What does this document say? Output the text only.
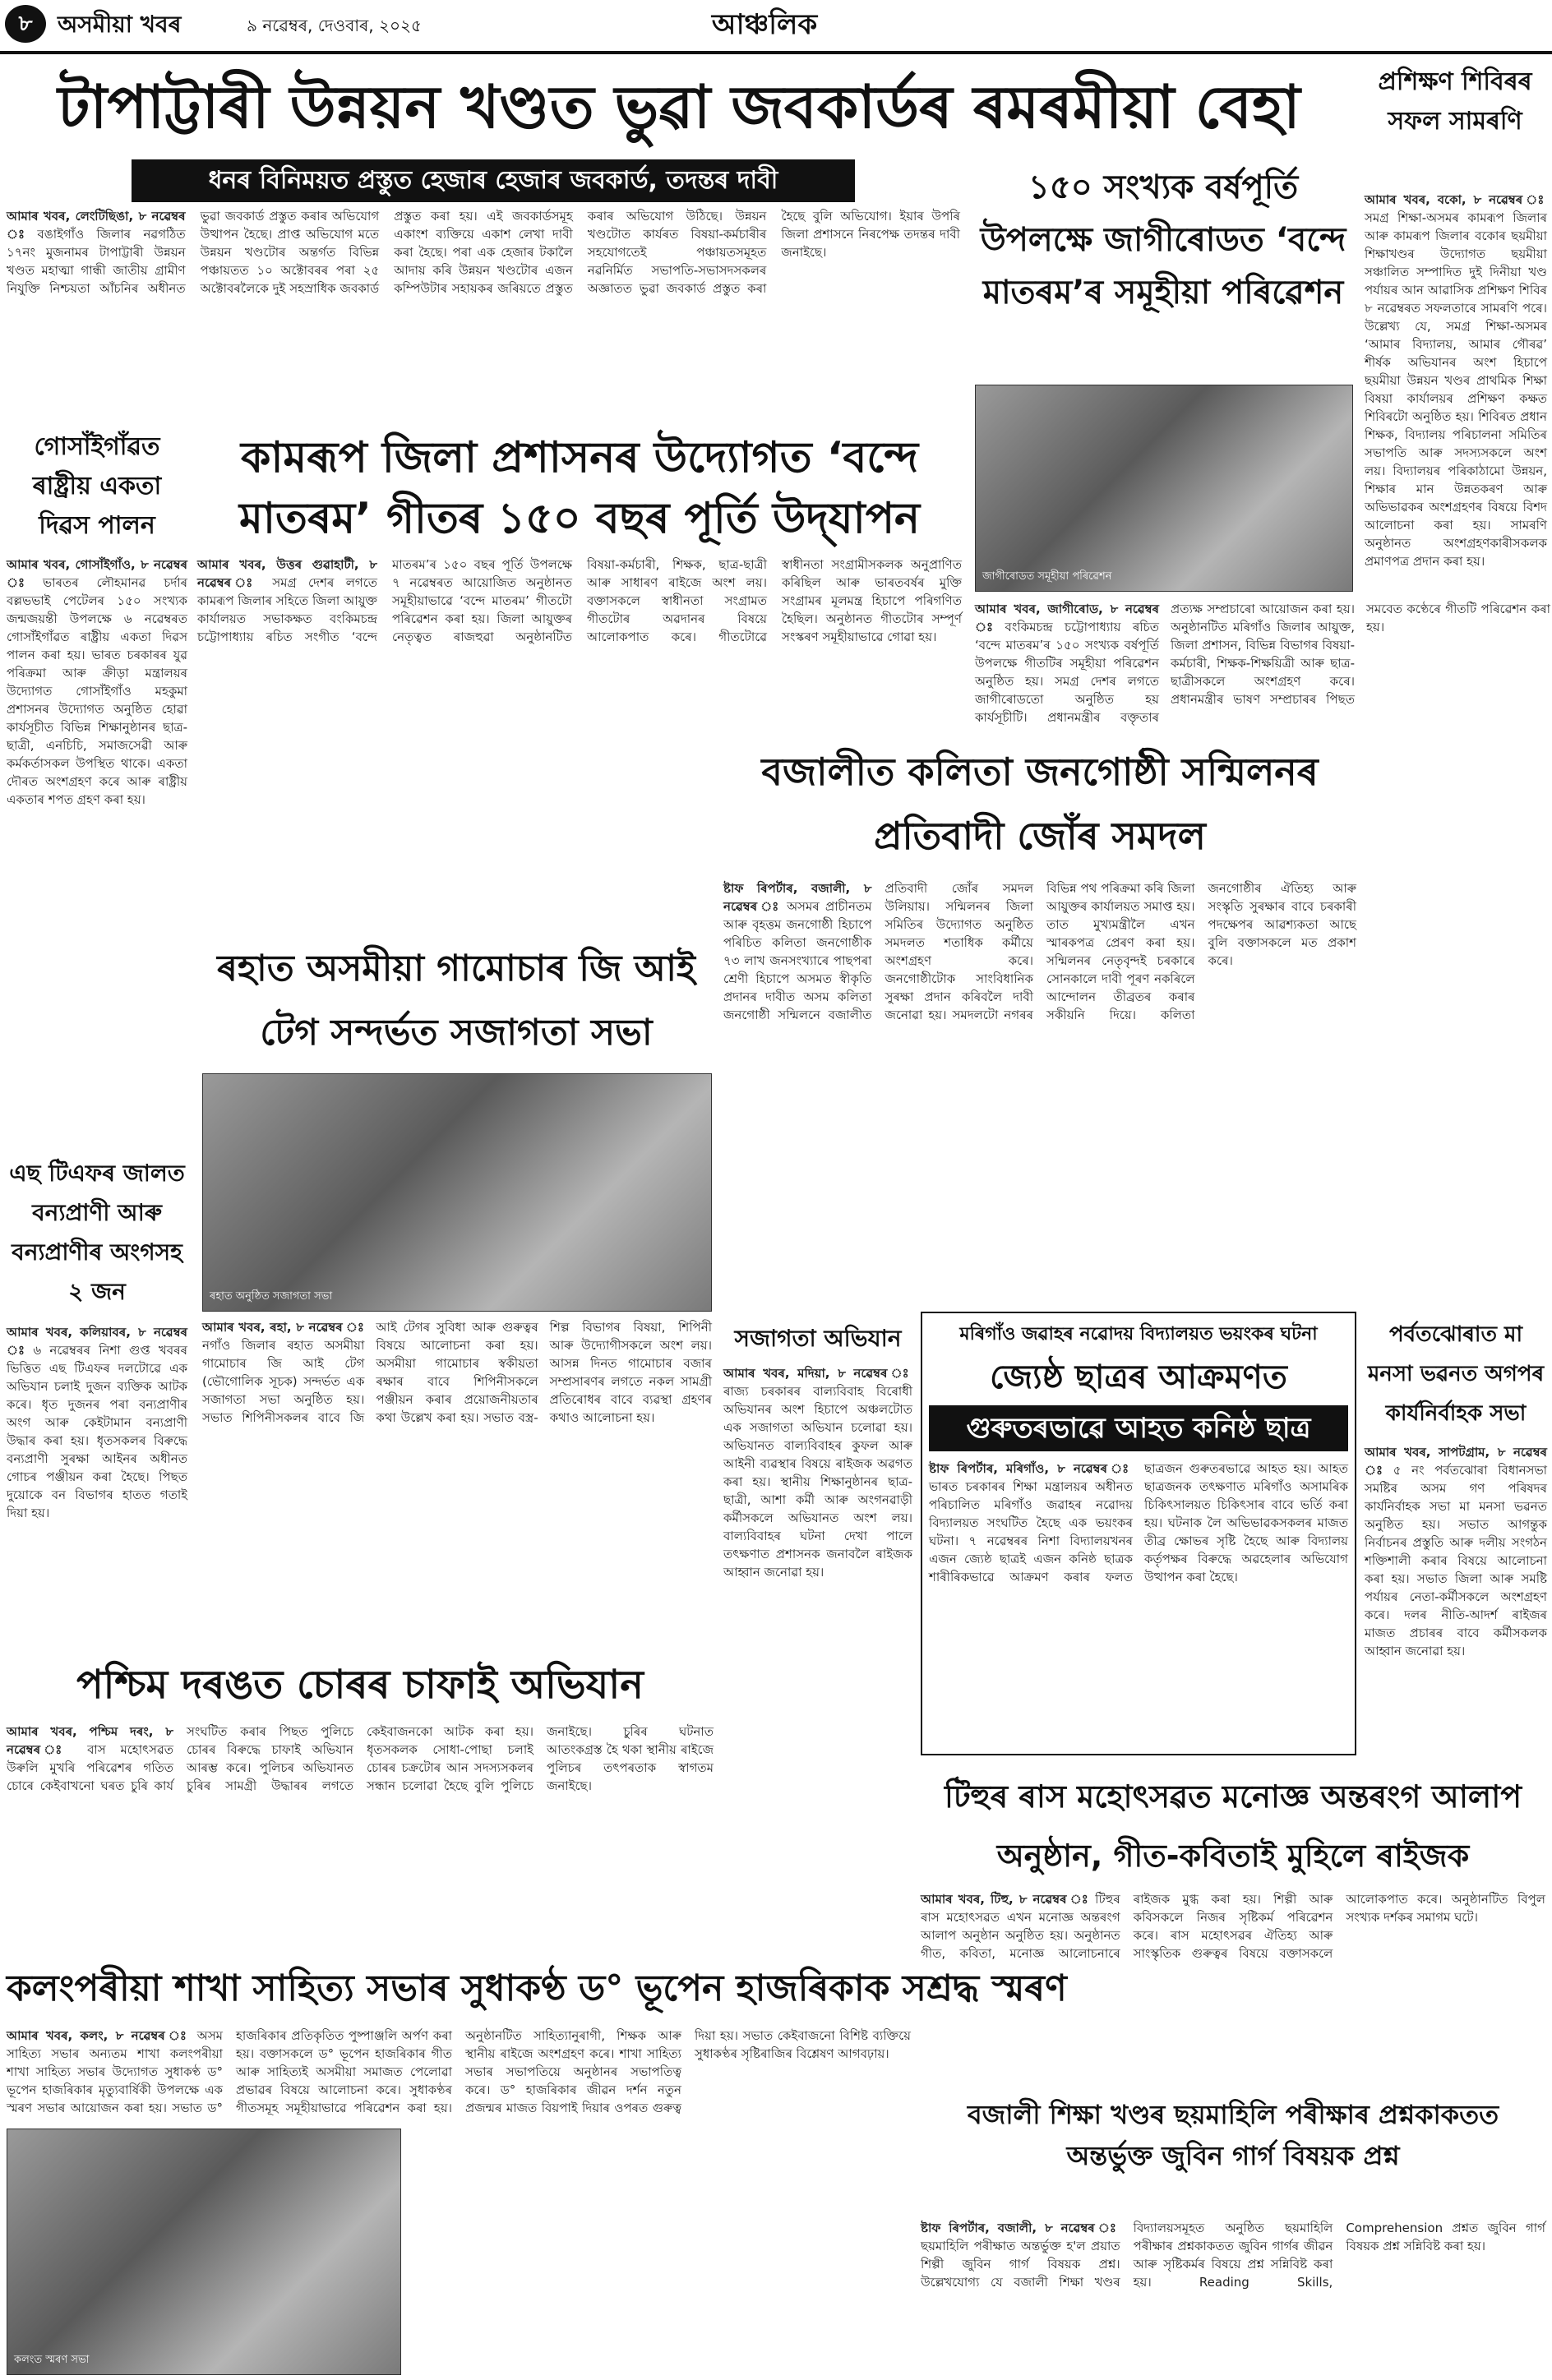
৮	অসমীয়া খবৰ	৯ নৱেম্বৰ, দেওবাৰ, ২০২৫	আঞ্চলিক
টাপাট্টাৰী উন্নয়ন খণ্ডত ভুৱা জবকাৰ্ডৰ ৰমৰমীয়া বেহা	প্ৰশিক্ষণ শিবিৰৰ সফল সামৰণি
ধনৰ বিনিময়ত প্ৰস্তুত হেজাৰ হেজাৰ জবকাৰ্ড, তদন্তৰ দাবী
আমাৰ খবৰ, লেংটিছিঙা, ৮ নৱেম্বৰ ঃ বঙাইগাঁও জিলাৰ নৱগঠিত ১৭নং মুজনামৰ টাপাট্টাৰী উন্নয়ন খণ্ডত মহাত্মা গান্ধী জাতীয় গ্ৰামীণ নিযুক্তি নিশ্চয়তা আঁচনিৰ অধীনত ভুৱা জবকাৰ্ড প্ৰস্তুত কৰাৰ অভিযোগ উত্থাপন হৈছে। প্ৰাপ্ত অভিযোগ মতে উন্নয়ন খণ্ডটোৰ অন্তৰ্গত বিভিন্ন পঞ্চায়তত ১০ অক্টোবৰৰ পৰা ২৫ অক্টোবৰলৈকে দুই সহস্ৰাধিক জবকাৰ্ড প্ৰস্তুত কৰা হয়। এই জবকাৰ্ডসমূহ একাংশ ব্যক্তিয়ে একাশ লেখা দাবী কৰা হৈছে। পৰা এক হেজাৰ টকালৈ আদায় কৰি উন্নয়ন খণ্ডটোৰ এজন কম্পিউটাৰ সহায়কৰ জৰিয়তে প্ৰস্তুত কৰাৰ অভিযোগ উঠিছে। উন্নয়ন খণ্ডটোত কাৰ্যৰত বিষয়া-কৰ্মচাৰীৰ সহযোগতেই পঞ্চায়তসমূহত নৱনিৰ্মিত সভাপতি-সভাসদসকলৰ অজ্ঞাতত ভুৱা জবকাৰ্ড প্ৰস্তুত কৰা হৈছে বুলি অভিযোগ। ইয়াৰ উপৰি জিলা প্ৰশাসনে নিৰপেক্ষ তদন্তৰ দাবী জনাইছে।
১৫০ সংখ্যক বৰ্ষপূৰ্তি উপলক্ষে জাগীৰোডত ‘বন্দে মাতৰম’ৰ সমূহীয়া পৰিৱেশন
জাগীৰোডত সমূহীয়া পৰিৱেশন
আমাৰ খবৰ, জাগীৰোড, ৮ নৱেম্বৰ ঃ বংকিমচন্দ্ৰ চট্টোপাধ্যায় ৰচিত ‘বন্দে মাতৰম’ৰ ১৫০ সংখ্যক বৰ্ষপূৰ্তি উপলক্ষে গীতটিৰ সমূহীয়া পৰিৱেশন অনুষ্ঠিত হয়। সমগ্ৰ দেশৰ লগতে জাগীৰোডতো অনুষ্ঠিত হয় কাৰ্যসূচীটি। প্ৰধানমন্ত্ৰীৰ বক্তৃতাৰ প্ৰত্যক্ষ সম্প্ৰচাৰো আয়োজন কৰা হয়। অনুষ্ঠানটিত মৰিগাঁও জিলাৰ আয়ুক্ত, জিলা প্ৰশাসন, বিভিন্ন বিভাগৰ বিষয়া-কৰ্মচাৰী, শিক্ষক-শিক্ষয়িত্ৰী আৰু ছাত্ৰ-ছাত্ৰীসকলে অংশগ্ৰহণ কৰে। প্ৰধানমন্ত্ৰীৰ ভাষণ সম্প্ৰচাৰৰ পিছত সমবেত কণ্ঠেৰে গীতটি পৰিৱেশন কৰা হয়।
আমাৰ খবৰ, বকো, ৮ নৱেম্বৰ ঃ সমগ্ৰ শিক্ষা-অসমৰ কামৰূপ জিলাৰ আৰু কামৰূপ জিলাৰ বকোৰ ছয়মীয়া শিক্ষাখণ্ডৰ উদ্যোগত ছয়মীয়া সঞ্চালিত সম্পাদিত দুই দিনীয়া খণ্ড পৰ্যায়ৰ আন আৱাসিক প্ৰশিক্ষণ শিবিৰ ৮ নৱেম্বৰত সফলতাৰে সামৰণি পৰে। উল্লেখ্য যে, সমগ্ৰ শিক্ষা-অসমৰ ‘আমাৰ বিদ্যালয়, আমাৰ গৌৰৱ’ শীৰ্ষক অভিযানৰ অংশ হিচাপে ছয়মীয়া উন্নয়ন খণ্ডৰ প্ৰাথমিক শিক্ষা বিষয়া কাৰ্যালয়ৰ প্ৰশিক্ষণ কক্ষত শিবিৰটো অনুষ্ঠিত হয়। শিবিৰত প্ৰধান শিক্ষক, বিদ্যালয় পৰিচালনা সমিতিৰ সভাপতি আৰু সদস্যসকলে অংশ লয়। বিদ্যালয়ৰ পৰিকাঠামো উন্নয়ন, শিক্ষাৰ মান উন্নতকৰণ আৰু অভিভাৱকৰ অংশগ্ৰহণৰ বিষয়ে বিশদ আলোচনা কৰা হয়। সামৰণি অনুষ্ঠানত অংশগ্ৰহণকাৰীসকলক প্ৰমাণপত্ৰ প্ৰদান কৰা হয়।
গোসাঁইগাঁৱত ৰাষ্ট্ৰীয় একতা দিৱস পালন
আমাৰ খবৰ, গোসাঁইগাঁও, ৮ নৱেম্বৰ ঃ ভাৰতৰ লৌহমানৱ চৰ্দাৰ বল্লভভাই পেটেলৰ ১৫০ সংখ্যক জন্মজয়ন্তী উপলক্ষে ৬ নৱেম্বৰত গোসাঁইগাঁৱত ৰাষ্ট্ৰীয় একতা দিৱস পালন কৰা হয়। ভাৰত চৰকাৰৰ যুৱ পৰিক্ৰমা আৰু ক্ৰীড়া মন্ত্ৰালয়ৰ উদ্যোগত গোসাঁইগাঁও মহকুমা প্ৰশাসনৰ উদ্যোগত অনুষ্ঠিত হোৱা কাৰ্যসূচীত বিভিন্ন শিক্ষানুষ্ঠানৰ ছাত্ৰ-ছাত্ৰী, এনচিচি, সমাজসেৱী আৰু কৰ্মকৰ্তাসকল উপস্থিত থাকে। একতা দৌৰত অংশগ্ৰহণ কৰে আৰু ৰাষ্ট্ৰীয় একতাৰ শপত গ্ৰহণ কৰা হয়।
কামৰূপ জিলা প্ৰশাসনৰ উদ্যোগত ‘বন্দে মাতৰম’ গীতৰ ১৫০ বছৰ পূৰ্তি উদ্‌যাপন
আমাৰ খবৰ, উত্তৰ গুৱাহাটী, ৮ নৱেম্বৰ ঃ সমগ্ৰ দেশৰ লগতে কামৰূপ জিলাৰ সহিতে জিলা আয়ুক্ত কাৰ্যালয়ত সভাকক্ষত বংকিমচন্দ্ৰ চট্টোপাধ্যায় ৰচিত সংগীত ‘বন্দে মাতৰম’ৰ ১৫০ বছৰ পূৰ্তি উপলক্ষে ৭ নৱেম্বৰত আয়োজিত অনুষ্ঠানত সমূহীয়াভাৱে ‘বন্দে মাতৰম’ গীতটো পৰিৱেশন কৰা হয়। জিলা আয়ুক্তৰ নেতৃত্বত ৰাজহুৱা অনুষ্ঠানটিত বিষয়া-কৰ্মচাৰী, শিক্ষক, ছাত্ৰ-ছাত্ৰী আৰু সাধাৰণ ৰাইজে অংশ লয়। বক্তাসকলে স্বাধীনতা সংগ্ৰামত গীতটোৰ অৱদানৰ বিষয়ে আলোকপাত কৰে। গীতটোৱে স্বাধীনতা সংগ্ৰামীসকলক অনুপ্ৰাণিত কৰিছিল আৰু ভাৰতবৰ্ষৰ মুক্তি সংগ্ৰামৰ মূলমন্ত্ৰ হিচাপে পৰিগণিত হৈছিল। অনুষ্ঠানত গীতটোৰ সম্পূৰ্ণ সংস্কৰণ সমূহীয়াভাৱে গোৱা হয়।
বজালীত কলিতা জনগোষ্ঠী সন্মিলনৰ প্ৰতিবাদী জোঁৰ সমদল
ষ্টাফ ৰিপৰ্টাৰ, বজালী, ৮ নৱেম্বৰ ঃ অসমৰ প্ৰাচীনতম আৰু বৃহত্তম জনগোষ্ঠী হিচাপে পৰিচিত কলিতা জনগোষ্ঠীক ৭৩ লাখ জনসংখ্যাৰে পাছপৰা শ্ৰেণী হিচাপে অসমত স্বীকৃতি প্ৰদানৰ দাবীত অসম কলিতা জনগোষ্ঠী সন্মিলনে বজালীত প্ৰতিবাদী জোঁৰ সমদল উলিয়ায়। সন্মিলনৰ জিলা সমিতিৰ উদ্যোগত অনুষ্ঠিত সমদলত শতাধিক কৰ্মীয়ে অংশগ্ৰহণ কৰে। জনগোষ্ঠীটোক সাংবিধানিক সুৰক্ষা প্ৰদান কৰিবলৈ দাবী জনোৱা হয়। সমদলটো নগৰৰ বিভিন্ন পথ পৰিক্ৰমা কৰি জিলা আয়ুক্তৰ কাৰ্যালয়ত সমাপ্ত হয়। তাত মুখ্যমন্ত্ৰীলৈ এখন স্মাৰকপত্ৰ প্ৰেৰণ কৰা হয়। সন্মিলনৰ নেতৃবৃন্দই চৰকাৰে সোনকালে দাবী পূৰণ নকৰিলে আন্দোলন তীব্ৰতৰ কৰাৰ সকীয়নি দিয়ে। কলিতা জনগোষ্ঠীৰ ঐতিহ্য আৰু সংস্কৃতি সুৰক্ষাৰ বাবে চৰকাৰী পদক্ষেপৰ আৱশ্যকতা আছে বুলি বক্তাসকলে মত প্ৰকাশ কৰে।
ৰহাত অসমীয়া গামোচাৰ জি আই টেগ সন্দৰ্ভত সজাগতা সভা
ৰহাত অনুষ্ঠিত সজাগতা সভা
আমাৰ খবৰ, ৰহা, ৮ নৱেম্বৰ ঃ নগাঁও জিলাৰ ৰহাত অসমীয়া গামোচাৰ জি আই টেগ (ভৌগোলিক সূচক) সন্দৰ্ভত এক সজাগতা সভা অনুষ্ঠিত হয়। সভাত শিপিনীসকলৰ বাবে জি আই টেগৰ সুবিধা আৰু গুৰুত্বৰ বিষয়ে আলোচনা কৰা হয়। অসমীয়া গামোচাৰ স্বকীয়তা ৰক্ষাৰ বাবে শিপিনীসকলে পঞ্জীয়ন কৰাৰ প্ৰয়োজনীয়তাৰ কথা উল্লেখ কৰা হয়। সভাত বস্ত্ৰ-শিল্প বিভাগৰ বিষয়া, শিপিনী আৰু উদ্যোগীসকলে অংশ লয়। আসন্ন দিনত গামোচাৰ বজাৰ সম্প্ৰসাৰণৰ লগতে নকল সামগ্ৰী প্ৰতিৰোধৰ বাবে ব্যৱস্থা গ্ৰহণৰ কথাও আলোচনা হয়।
এছ টিএফৰ জালত বন্যপ্ৰাণী আৰু বন্যপ্ৰাণীৰ অংগসহ ২ জন
আমাৰ খবৰ, কলিয়াবৰ, ৮ নৱেম্বৰ ঃ ৬ নৱেম্বৰৰ নিশা গুপ্ত খবৰৰ ভিত্তিত এছ টিএফৰ দলটোৱে এক অভিযান চলাই দুজন ব্যক্তিক আটক কৰে। ধৃত দুজনৰ পৰা বন্যপ্ৰাণীৰ অংগ আৰু কেইটামান বন্যপ্ৰাণী উদ্ধাৰ কৰা হয়। ধৃতসকলৰ বিৰুদ্ধে বন্যপ্ৰাণী সুৰক্ষা আইনৰ অধীনত গোচৰ পঞ্জীয়ন কৰা হৈছে। পিছত দুয়োকে বন বিভাগৰ হাতত গতাই দিয়া হয়।
সজাগতা অভিযান
আমাৰ খবৰ, মদিয়া, ৮ নৱেম্বৰ ঃ ৰাজ্য চৰকাৰৰ বাল্যবিবাহ বিৰোধী অভিযানৰ অংশ হিচাপে অঞ্চলটোত এক সজাগতা অভিযান চলোৱা হয়। অভিযানত বাল্যবিবাহৰ কুফল আৰু আইনী ব্যৱস্থাৰ বিষয়ে ৰাইজক অৱগত কৰা হয়। স্থানীয় শিক্ষানুষ্ঠানৰ ছাত্ৰ-ছাত্ৰী, আশা কৰ্মী আৰু অংগনৱাড়ী কৰ্মীসকলে অভিযানত অংশ লয়। বাল্যবিবাহৰ ঘটনা দেখা পালে তৎক্ষণাত প্ৰশাসনক জনাবলৈ ৰাইজক আহ্বান জনোৱা হয়।
মৰিগাঁও জৱাহৰ নৱোদয় বিদ্যালয়ত ভয়ংকৰ ঘটনা
জ্যেষ্ঠ ছাত্ৰৰ আক্ৰমণত
গুৰুতৰভাৱে আহত কনিষ্ঠ ছাত্ৰ
ষ্টাফ ৰিপৰ্টাৰ, মৰিগাঁও, ৮ নৱেম্বৰ ঃ ভাৰত চৰকাৰৰ শিক্ষা মন্ত্ৰালয়ৰ অধীনত পৰিচালিত মৰিগাঁও জৱাহৰ নৱোদয় বিদ্যালয়ত সংঘটিত হৈছে এক ভয়ংকৰ ঘটনা। ৭ নৱেম্বৰৰ নিশা বিদ্যালয়খনৰ এজন জ্যেষ্ঠ ছাত্ৰই এজন কনিষ্ঠ ছাত্ৰক শাৰীৰিকভাৱে আক্ৰমণ কৰাৰ ফলত ছাত্ৰজন গুৰুতৰভাৱে আহত হয়। আহত ছাত্ৰজনক তৎক্ষণাত মৰিগাঁও অসামৰিক চিকিৎসালয়ত চিকিৎসাৰ বাবে ভৰ্তি কৰা হয়। ঘটনাক লৈ অভিভাৱকসকলৰ মাজত তীব্ৰ ক্ষোভৰ সৃষ্টি হৈছে আৰু বিদ্যালয় কৰ্তৃপক্ষৰ বিৰুদ্ধে অৱহেলাৰ অভিযোগ উত্থাপন কৰা হৈছে।
পৰ্বতঝোৰাত মা মনসা ভৱনত অগপৰ কাৰ্যনিৰ্বাহক সভা
আমাৰ খবৰ, সাপটগ্ৰাম, ৮ নৱেম্বৰ ঃ ৫ নং পৰ্বতঝোৰা বিধানসভা সমষ্টিৰ অসম গণ পৰিষদৰ কাৰ্যনিৰ্বাহক সভা মা মনসা ভৱনত অনুষ্ঠিত হয়। সভাত আগন্তুক নিৰ্বাচনৰ প্ৰস্তুতি আৰু দলীয় সংগঠন শক্তিশালী কৰাৰ বিষয়ে আলোচনা কৰা হয়। সভাত জিলা আৰু সমষ্টি পৰ্যায়ৰ নেতা-কৰ্মীসকলে অংশগ্ৰহণ কৰে। দলৰ নীতি-আদৰ্শ ৰাইজৰ মাজত প্ৰচাৰৰ বাবে কৰ্মীসকলক আহ্বান জনোৱা হয়।
পশ্চিম দৰঙত চোৰৰ চাফাই অভিযান
আমাৰ খবৰ, পশ্চিম দৰং, ৮ নৱেম্বৰ ঃ বাস মহোৎসৱত উৰুলি মুখৰি পৰিৱেশৰ গতিত চোৰে কেইবাখনো ঘৰত চুৰি কাৰ্য সংঘটিত কৰাৰ পিছত পুলিচে চোৰৰ বিৰুদ্ধে চাফাই অভিযান আৰম্ভ কৰে। পুলিচৰ অভিযানত চুৰিৰ সামগ্ৰী উদ্ধাৰৰ লগতে কেইবাজনকো আটক কৰা হয়। ধৃতসকলক সোধা-পোছা চলাই চোৰৰ চক্ৰটোৰ আন সদস্যসকলৰ সন্ধান চলোৱা হৈছে বুলি পুলিচে জনাইছে। চুৰিৰ ঘটনাত আতংকগ্ৰস্ত হৈ থকা স্থানীয় ৰাইজে পুলিচৰ তৎপৰতাক স্বাগতম জনাইছে।	টিহুৰ ৰাস মহোৎসৱত মনোজ্ঞ অন্তৰংগ আলাপ অনুষ্ঠান, গীত-কবিতাই মুহিলে ৰাইজক
আমাৰ খবৰ, টিহু, ৮ নৱেম্বৰ ঃ টিহুৰ ৰাস মহোৎসৱত এখন মনোজ্ঞ অন্তৰংগ আলাপ অনুষ্ঠান অনুষ্ঠিত হয়। অনুষ্ঠানত গীত, কবিতা, মনোজ্ঞ আলোচনাৰে ৰাইজক মুগ্ধ কৰা হয়। শিল্পী আৰু কবিসকলে নিজৰ সৃষ্টিকৰ্ম পৰিৱেশন কৰে। ৰাস মহোৎসৱৰ ঐতিহ্য আৰু সাংস্কৃতিক গুৰুত্বৰ বিষয়ে বক্তাসকলে আলোকপাত কৰে। অনুষ্ঠানটিত বিপুল সংখ্যক দৰ্শকৰ সমাগম ঘটে।
কলংপৰীয়া শাখা সাহিত্য সভাৰ সুধাকণ্ঠ ড° ভূপেন হাজৰিকাক সশ্ৰদ্ধ স্মৰণ
কলংত স্মৰণ সভা
আমাৰ খবৰ, কলং, ৮ নৱেম্বৰ ঃ অসম সাহিত্য সভাৰ অন্যতম শাখা কলংপৰীয়া শাখা সাহিত্য সভাৰ উদ্যোগত সুধাকণ্ঠ ড° ভূপেন হাজৰিকাৰ মৃত্যুবাৰ্ষিকী উপলক্ষে এক স্মৰণ সভাৰ আয়োজন কৰা হয়। সভাত ড° হাজৰিকাৰ প্ৰতিকৃতিত পুষ্পাঞ্জলি অৰ্পণ কৰা হয়। বক্তাসকলে ড° ভূপেন হাজৰিকাৰ গীত আৰু সাহিত্যই অসমীয়া সমাজত পেলোৱা প্ৰভাৱৰ বিষয়ে আলোচনা কৰে। সুধাকণ্ঠৰ গীতসমূহ সমূহীয়াভাৱে পৰিৱেশন কৰা হয়। অনুষ্ঠানটিত সাহিত্যানুৰাগী, শিক্ষক আৰু স্থানীয় ৰাইজে অংশগ্ৰহণ কৰে। শাখা সাহিত্য সভাৰ সভাপতিয়ে অনুষ্ঠানৰ সভাপতিত্ব কৰে। ড° হাজৰিকাৰ জীৱন দৰ্শন নতুন প্ৰজন্মৰ মাজত বিয়পাই দিয়াৰ ওপৰত গুৰুত্ব দিয়া হয়। সভাত কেইবাজনো বিশিষ্ট ব্যক্তিয়ে সুধাকণ্ঠৰ সৃষ্টিৰাজিৰ বিশ্লেষণ আগবঢ়ায়।
বজালী শিক্ষা খণ্ডৰ ছয়মাহিলি পৰীক্ষাৰ প্ৰশ্নকাকতত অন্তৰ্ভুক্ত জুবিন গাৰ্গ বিষয়ক প্ৰশ্ন
ষ্টাফ ৰিপৰ্টাৰ, বজালী, ৮ নৱেম্বৰ ঃ ছয়মাহিলি পৰীক্ষাত অন্তৰ্ভুক্ত হ'ল প্ৰয়াত শিল্পী জুবিন গাৰ্গ বিষয়ক প্ৰশ্ন। উল্লেখযোগ্য যে বজালী শিক্ষা খণ্ডৰ বিদ্যালয়সমূহত অনুষ্ঠিত ছয়মাহিলি পৰীক্ষাৰ প্ৰশ্নকাকতত জুবিন গাৰ্গৰ জীৱন আৰু সৃষ্টিকৰ্মৰ বিষয়ে প্ৰশ্ন সন্নিবিষ্ট কৰা হয়। Reading Skills, Comprehension প্ৰশ্নত জুবিন গাৰ্গ বিষয়ক প্ৰশ্ন সন্নিবিষ্ট কৰা হয়।
